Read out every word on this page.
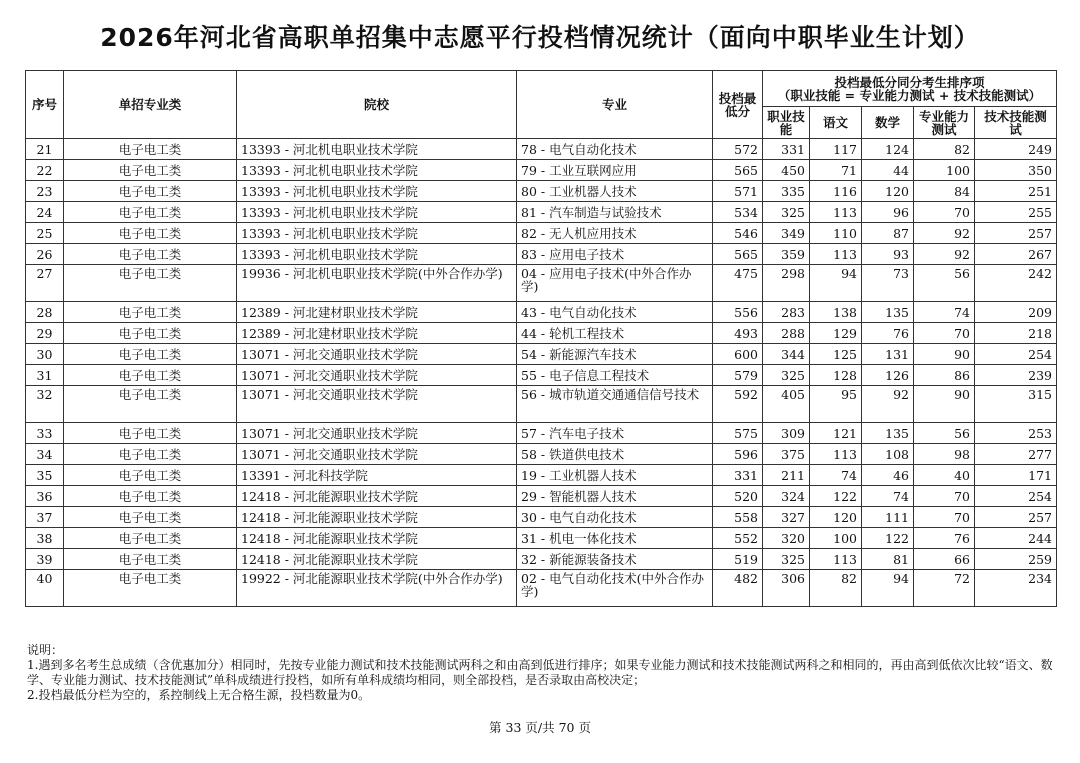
2026年河北省高职单招集中志愿平行投档情况统计（面向中职毕业生计划）
序号	单招专业类	院校	专业	投档最低分	投档最低分同分考生排序项
（职业技能 = 专业能力测试 + 技术技能测试）				

					职业技能	语文	数学	专业能力测试	技术技能测试
21	电子电工类	13393 - 河北机电职业技术学院	78 - 电气自动化技术	572	331	117	124	82	249
22	电子电工类	13393 - 河北机电职业技术学院	79 - 工业互联网应用	565	450	71	44	100	350
23	电子电工类	13393 - 河北机电职业技术学院	80 - 工业机器人技术	571	335	116	120	84	251
24	电子电工类	13393 - 河北机电职业技术学院	81 - 汽车制造与试验技术	534	325	113	96	70	255
25	电子电工类	13393 - 河北机电职业技术学院	82 - 无人机应用技术	546	349	110	87	92	257
26	电子电工类	13393 - 河北机电职业技术学院	83 - 应用电子技术	565	359	113	93	92	267
27	电子电工类	19936 - 河北机电职业技术学院(中外合作办学)	04 - 应用电子技术(中外合作办学)	475	298	94	73	56	242
28	电子电工类	12389 - 河北建材职业技术学院	43 - 电气自动化技术	556	283	138	135	74	209
29	电子电工类	12389 - 河北建材职业技术学院	44 - 轮机工程技术	493	288	129	76	70	218
30	电子电工类	13071 - 河北交通职业技术学院	54 - 新能源汽车技术	600	344	125	131	90	254
31	电子电工类	13071 - 河北交通职业技术学院	55 - 电子信息工程技术	579	325	128	126	86	239
32	电子电工类	13071 - 河北交通职业技术学院	56 - 城市轨道交通通信信号技术	592	405	95	92	90	315
33	电子电工类	13071 - 河北交通职业技术学院	57 - 汽车电子技术	575	309	121	135	56	253
34	电子电工类	13071 - 河北交通职业技术学院	58 - 铁道供电技术	596	375	113	108	98	277
35	电子电工类	13391 - 河北科技学院	19 - 工业机器人技术	331	211	74	46	40	171
36	电子电工类	12418 - 河北能源职业技术学院	29 - 智能机器人技术	520	324	122	74	70	254
37	电子电工类	12418 - 河北能源职业技术学院	30 - 电气自动化技术	558	327	120	111	70	257
38	电子电工类	12418 - 河北能源职业技术学院	31 - 机电一体化技术	552	320	100	122	76	244
39	电子电工类	12418 - 河北能源职业技术学院	32 - 新能源装备技术	519	325	113	81	66	259
40	电子电工类	19922 - 河北能源职业技术学院(中外合作办学)	02 - 电气自动化技术(中外合作办学)	482	306	82	94	72	234
说明：
1.遇到多名考生总成绩（含优惠加分）相同时，先按专业能力测试和技术技能测试两科之和由高到低进行排序；如果专业能力测试和技术技能测试两科之和相同的，再由高到低依次比较“语文、数学、专业能力测试、技术技能测试”单科成绩进行投档，如所有单科成绩均相同，则全部投档，是否录取由高校决定；
2.投档最低分栏为空的，系控制线上无合格生源，投档数量为0。
第 33 页/共 70 页
